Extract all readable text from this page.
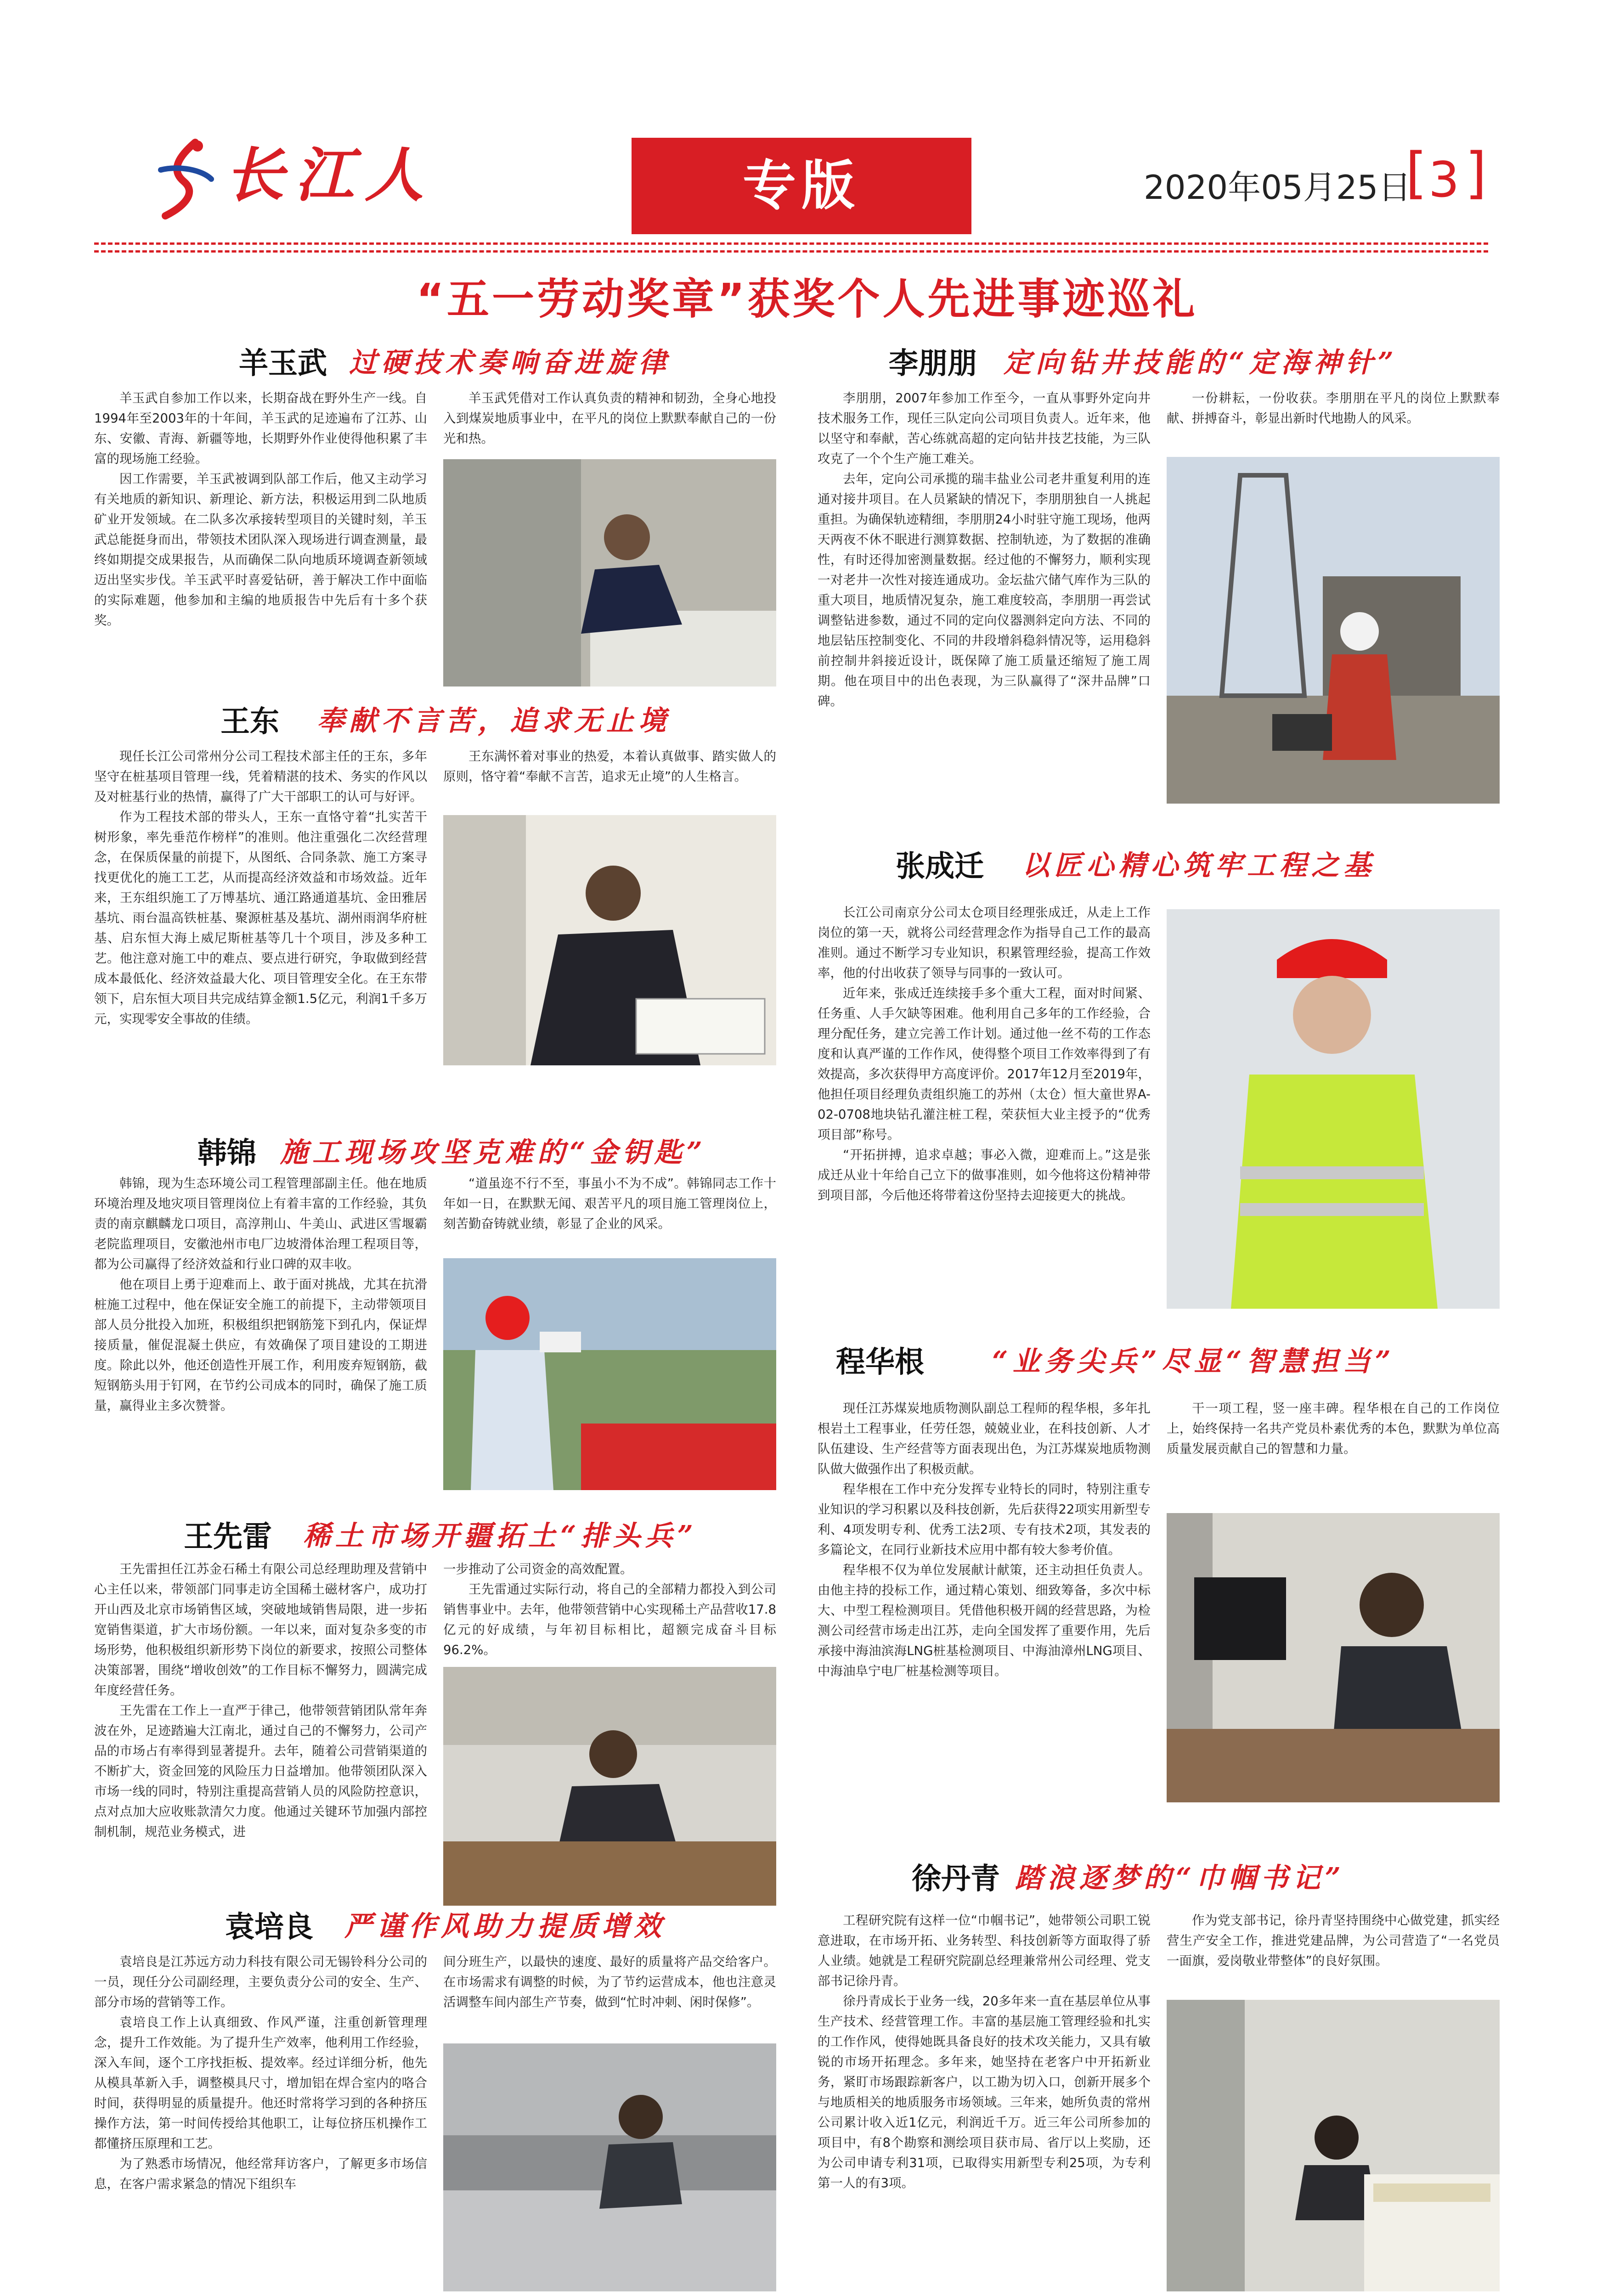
长江人	专版	2020年05月25日
[ 3 ]
“五一劳动奖章”获奖个人先进事迹巡礼
羊玉武 过硬技术奏响奋进旋律

羊玉武自参加工作以来，长期奋战在野外生产一线。自1994年至2003年的十年间，羊玉武的足迹遍布了江苏、山东、安徽、青海、新疆等地，长期野外作业使得他积累了丰富的现场施工经验。

因工作需要，羊玉武被调到队部工作后，他又主动学习有关地质的新知识、新理论、新方法，积极运用到二队地质矿业开发领域。在二队多次承接转型项目的关键时刻，羊玉武总能挺身而出，带领技术团队深入现场进行调查测量，最终如期提交成果报告，从而确保二队向地质环境调查新领域迈出坚实步伐。羊玉武平时喜爱钻研，善于解决工作中面临的实际难题，他参加和主编的地质报告中先后有十多个获奖。

羊玉武凭借对工作认真负责的精神和韧劲，全身心地投入到煤炭地质事业中，在平凡的岗位上默默奉献自己的一份光和热。

王东 奉献不言苦，追求无止境

现任长江公司常州分公司工程技术部主任的王东，多年坚守在桩基项目管理一线，凭着精湛的技术、务实的作风以及对桩基行业的热情，赢得了广大干部职工的认可与好评。

作为工程技术部的带头人，王东一直恪守着“扎实苦干树形象，率先垂范作榜样”的准则。他注重强化二次经营理念，在保质保量的前提下，从图纸、合同条款、施工方案寻找更优化的施工工艺，从而提高经济效益和市场效益。近年来，王东组织施工了万博基坑、通江路通道基坑、金田雅居基坑、雨台温高铁桩基、聚源桩基及基坑、湖州雨润华府桩基、启东恒大海上威尼斯桩基等几十个项目，涉及多种工艺。他注意对施工中的难点、要点进行研究，争取做到经营成本最低化、经济效益最大化、项目管理安全化。在王东带领下，启东恒大项目共完成结算金额1.5亿元，利润1千多万元，实现零安全事故的佳绩。

王东满怀着对事业的热爱，本着认真做事、踏实做人的原则，恪守着“奉献不言苦，追求无止境”的人生格言。

韩锦 施工现场攻坚克难的“金钥匙”

韩锦，现为生态环境公司工程管理部副主任。他在地质环境治理及地灾项目管理岗位上有着丰富的工作经验，其负责的南京麒麟龙口项目，高淳荆山、牛美山、武进区雪堰霸老院监理项目，安徽池州市电厂边坡滑体治理工程项目等，都为公司赢得了经济效益和行业口碑的双丰收。

他在项目上勇于迎难而上、敢于面对挑战，尤其在抗滑桩施工过程中，他在保证安全施工的前提下，主动带领项目部人员分批投入加班，积极组织把钢筋笼下到孔内，保证焊接质量，催促混凝土供应，有效确保了项目建设的工期进度。除此以外，他还创造性开展工作，利用废弃短钢筋，截短钢筋头用于钉网，在节约公司成本的同时，确保了施工质量，赢得业主多次赞誉。

“道虽迩不行不至，事虽小不为不成”。韩锦同志工作十年如一日，在默默无闻、艰苦平凡的项目施工管理岗位上，刻苦勤奋铸就业绩，彰显了企业的风采。

王先雷 稀土市场开疆拓土“排头兵”

王先雷担任江苏金石稀土有限公司总经理助理及营销中心主任以来，带领部门同事走访全国稀土磁材客户，成功打开山西及北京市场销售区域，突破地域销售局限，进一步拓宽销售渠道，扩大市场份额。一年以来，面对复杂多变的市场形势，他积极组织新形势下岗位的新要求，按照公司整体决策部署，围绕“增收创效”的工作目标不懈努力，圆满完成年度经营任务。

王先雷在工作上一直严于律己，他带领营销团队常年奔波在外，足迹踏遍大江南北，通过自己的不懈努力，公司产品的市场占有率得到显著提升。去年，随着公司营销渠道的不断扩大，资金回笼的风险压力日益增加。他带领团队深入市场一线的同时，特别注重提高营销人员的风险防控意识，点对点加大应收账款清欠力度。他通过关键环节加强内部控制机制，规范业务模式，进

一步推动了公司资金的高效配置。

王先雷通过实际行动，将自己的全部精力都投入到公司销售事业中。去年，他带领营销中心实现稀土产品营收17.8亿元的好成绩，与年初目标相比，超额完成奋斗目标96.2%。

袁培良 严谨作风助力提质增效

袁培良是江苏远方动力科技有限公司无锡铃科分公司的一员，现任分公司副经理，主要负责分公司的安全、生产、部分市场的营销等工作。

袁培良工作上认真细致、作风严谨，注重创新管理理念，提升工作效能。为了提升生产效率，他利用工作经验，深入车间，逐个工序找拒板、提效率。经过详细分析，他先从模具革新入手，调整模具尺寸，增加铝在焊合室内的咯合时间，获得明显的质量提升。他还时常将学习到的各种挤压操作方法，第一时间传授给其他职工，让每位挤压机操作工都懂挤压原理和工艺。

为了熟悉市场情况，他经常拜访客户，了解更多市场信息，在客户需求紧急的情况下组织车

间分班生产，以最快的速度、最好的质量将产品交给客户。在市场需求有调整的时候，为了节约运营成本，他也注意灵活调整车间内部生产节奏，做到“忙时冲刺、闲时保修”。

李朋朋 定向钻井技能的“定海神针”

李朋朋，2007年参加工作至今，一直从事野外定向井技术服务工作，现任三队定向公司项目负责人。近年来，他以坚守和奉献，苦心练就高超的定向钻井技艺技能，为三队攻克了一个个生产施工难关。

去年，定向公司承揽的瑞丰盐业公司老井重复利用的连通对接井项目。在人员紧缺的情况下，李朋朋独自一人挑起重担。为确保轨迹精细，李朋朋24小时驻守施工现场，他两天两夜不休不眠进行测算数据、控制轨迹，为了数据的准确性，有时还得加密测量数据。经过他的不懈努力，顺利实现一对老井一次性对接连通成功。金坛盐穴储气库作为三队的重大项目，地质情况复杂，施工难度较高，李朋朋一再尝试调整钻进参数，通过不同的定向仪器测斜定向方法、不同的地层钻压控制变化、不同的井段增斜稳斜情况等，运用稳斜前控制井斜接近设计，既保障了施工质量还缩短了施工周期。他在项目中的出色表现，为三队赢得了“深井品牌”口碑。

一份耕耘，一份收获。李朋朋在平凡的岗位上默默奉献、拼搏奋斗，彰显出新时代地勘人的风采。

张成迁 以匠心精心筑牢工程之基

长江公司南京分公司太仓项目经理张成迁，从走上工作岗位的第一天，就将公司经营理念作为指导自己工作的最高准则。通过不断学习专业知识，积累管理经验，提高工作效率，他的付出收获了领导与同事的一致认可。

近年来，张成迁连续接手多个重大工程，面对时间紧、任务重、人手欠缺等困难。他利用自己多年的工作经验，合理分配任务，建立完善工作计划。通过他一丝不苟的工作态度和认真严谨的工作作风，使得整个项目工作效率得到了有效提高，多次获得甲方高度评价。2017年12月至2019年，他担任项目经理负责组织施工的苏州（太仓）恒大童世界A-02-0708地块钻孔灌注桩工程，荣获恒大业主授予的“优秀项目部”称号。

“开拓拼搏，追求卓越；事必入微，迎难而上。”这是张成迁从业十年给自己立下的做事准则，如今他将这份精神带到项目部，今后他还将带着这份坚持去迎接更大的挑战。

程华根 “业务尖兵”尽显“智慧担当”

现任江苏煤炭地质物测队副总工程师的程华根，多年扎根岩土工程事业，任劳任怨，兢兢业业，在科技创新、人才队伍建设、生产经营等方面表现出色，为江苏煤炭地质物测队做大做强作出了积极贡献。

程华根在工作中充分发挥专业特长的同时，特别注重专业知识的学习积累以及科技创新，先后获得22项实用新型专利、4项发明专利、优秀工法2项、专有技术2项，其发表的多篇论文，在同行业新技术应用中都有较大参考价值。

程华根不仅为单位发展献计献策，还主动担任负责人。由他主持的投标工作，通过精心策划、细致筹备，多次中标大、中型工程检测项目。凭借他积极开阔的经营思路，为检测公司经营市场走出江苏，走向全国发挥了重要作用，先后承接中海油滨海LNG桩基检测项目、中海油漳州LNG项目、中海油阜宁电厂桩基检测等项目。

干一项工程，竖一座丰碑。程华根在自己的工作岗位上，始终保持一名共产党员朴素优秀的本色，默默为单位高质量发展贡献自己的智慧和力量。

徐丹青 踏浪逐梦的“巾帼书记”

工程研究院有这样一位“巾帼书记”，她带领公司职工锐意进取，在市场开拓、业务转型、科技创新等方面取得了骄人业绩。她就是工程研究院副总经理兼常州公司经理、党支部书记徐丹青。

徐丹青成长于业务一线，20多年来一直在基层单位从事生产技术、经营管理工作。丰富的基层施工管理经验和扎实的工作作风，使得她既具备良好的技术攻关能力，又具有敏锐的市场开拓理念。多年来，她坚持在老客户中开拓新业务，紧盯市场跟踪新客户，以工勘为切入口，创新开展多个与地质相关的地质服务市场领域。三年来，她所负责的常州公司累计收入近1亿元，利润近千万。近三年公司所参加的项目中，有8个勘察和测绘项目获市局、省厅以上奖励，还为公司申请专利31项，已取得实用新型专利25项，为专利第一人的有3项。

作为党支部书记，徐丹青坚持围绕中心做党建，抓实经营生产安全工作，推进党建品牌，为公司营造了“一名党员一面旗，爱岗敬业带整体”的良好氛围。
